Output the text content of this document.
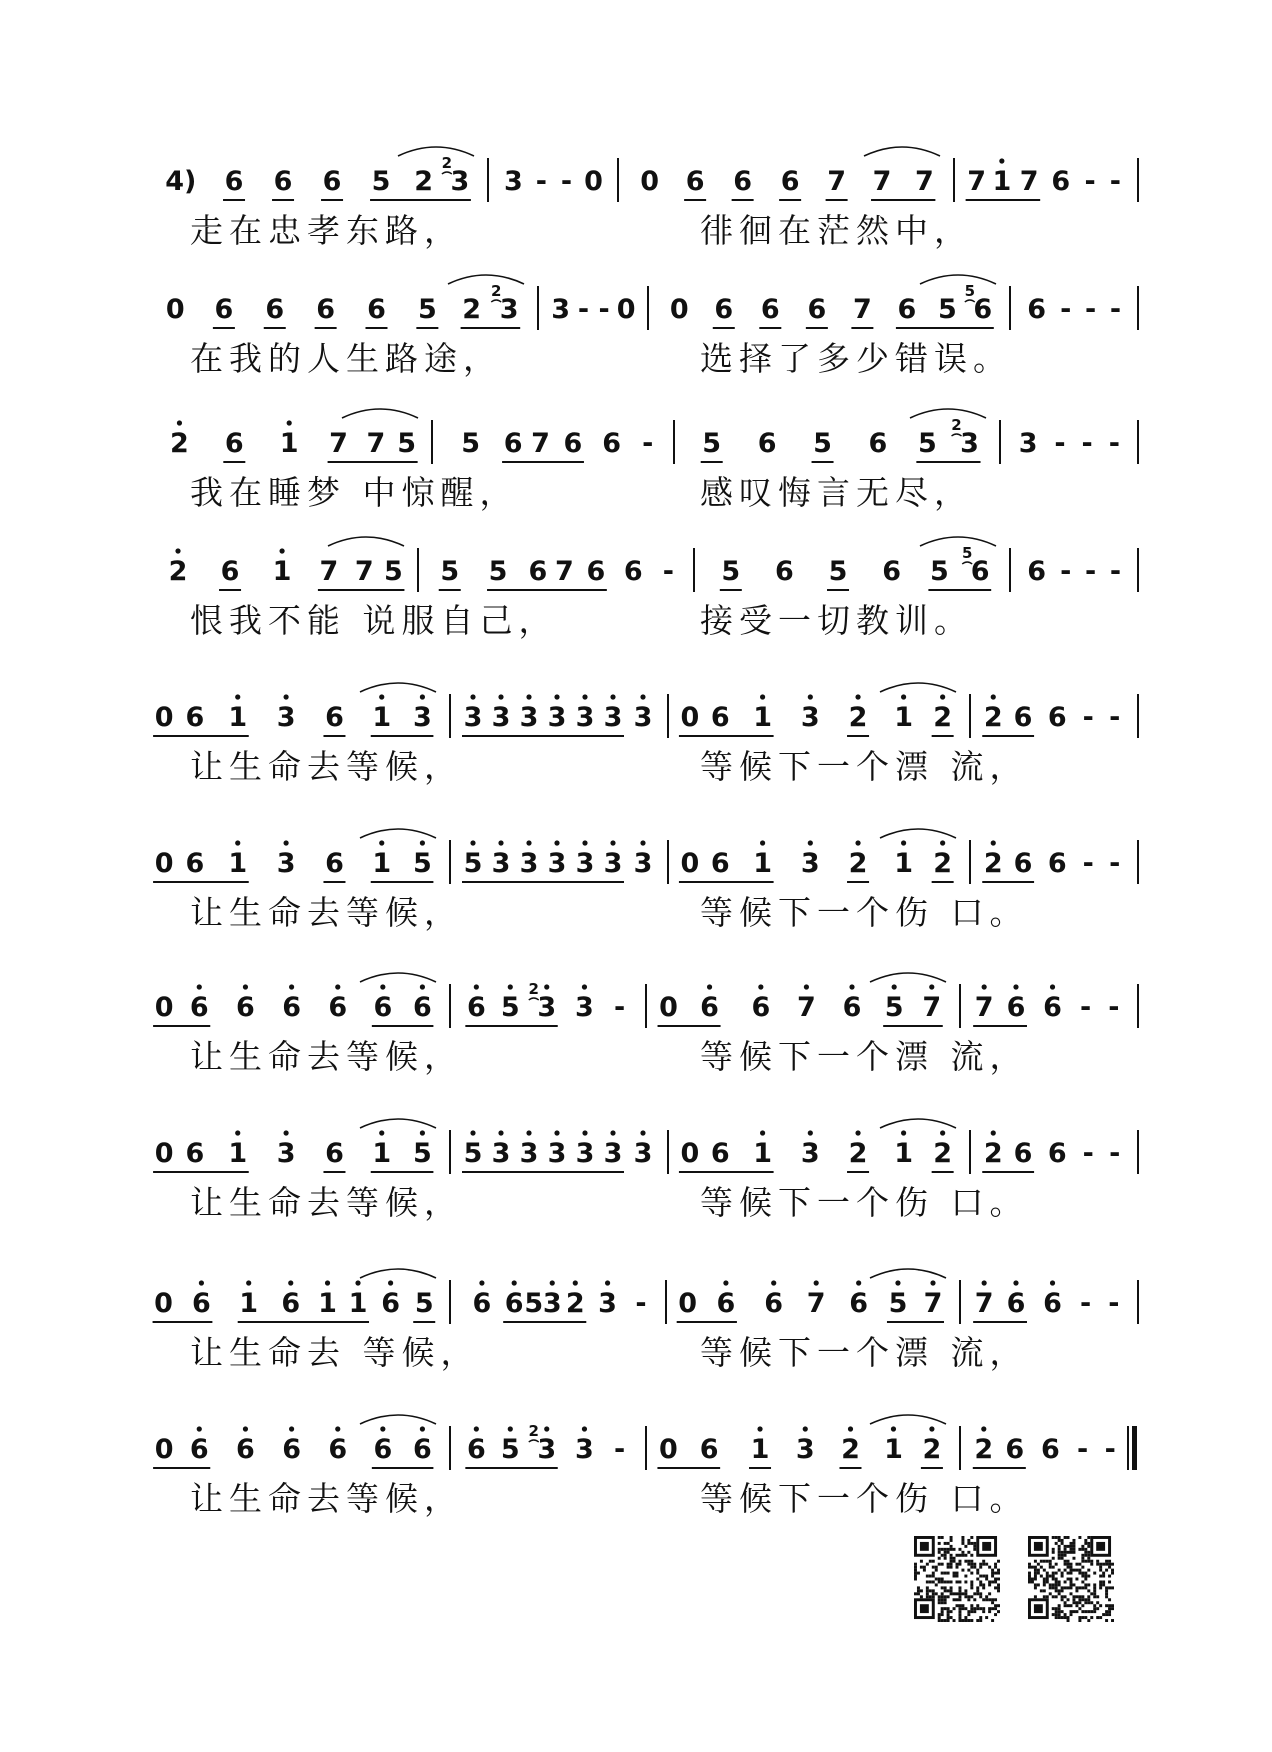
4) 6 6 6 5 2 3
2
3 - - 0 0 6 6 6 7 7 7 7 1 7 6 - -
走在忠孝东路，	徘徊在茫然中，
0 6 6 6 6 5 2 3
2
3 - - 0 0 6 6 6 7 6 5 6
5
6 - - -
在我的人生路途，	选择了多少错误。
2 6 1 7 7 5 5 6 7 6 6 - 5 6 5 6 5 3
2
3 - - -
我在睡梦 中惊醒，	感叹悔言无尽，
2 6 1 7 7 5 5 5 6 7 6 6 - 5 6 5 6 5 6
5
6 - - -
恨我不能 说服自己，	接受一切教训。
0 6 1 3 6 1 3 3 3 3 3 3 3 3 0 6 1 3 2 1 2 2 6 6 - -
让生命去等候，	等候下一个漂 流，
0 6 1 3 6 1 5 5 3 3 3 3 3 3 0 6 1 3 2 1 2 2 6 6 - -
让生命去等候，	等候下一个伤 口。
0 6 6 6 6 6 6 6 5 3
2
3 - 0 6 6 7 6 5 7 7 6 6 - -
让生命去等候，	等候下一个漂 流，
0 6 1 3 6 1 5 5 3 3 3 3 3 3 0 6 1 3 2 1 2 2 6 6 - -
让生命去等候，	等候下一个伤 口。
0 6 1 6 1 1 6 5 6 6 5 3 2 3 - 0 6 6 7 6 5 7 7 6 6 - -
让生命去 等候，	等候下一个漂 流，
0 6 6 6 6 6 6 6 5 3
2
3 - 0 6 1 3 2 1 2 2 6 6 - -
让生命去等候，	等候下一个伤 口。
